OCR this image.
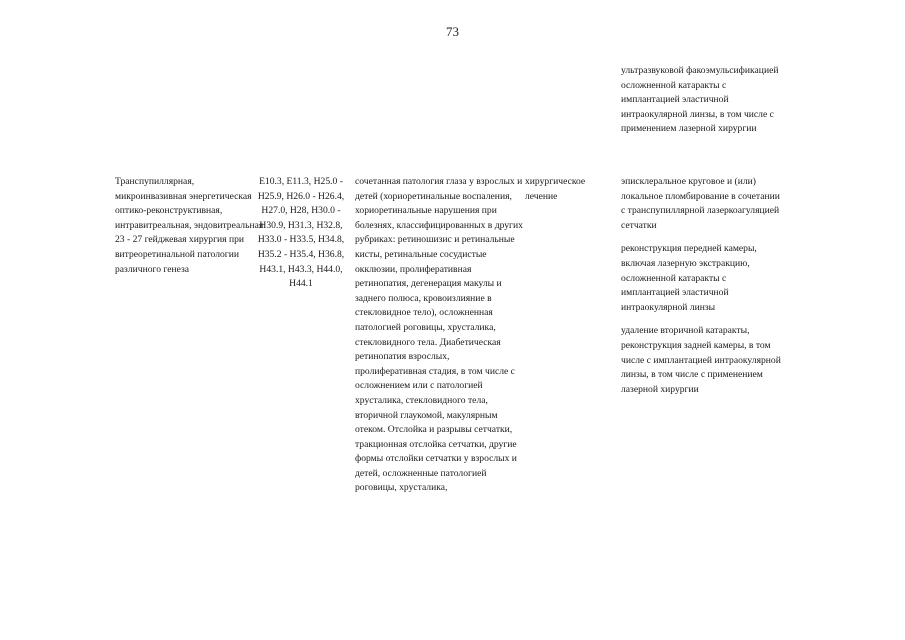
73

ультразвуковой факоэмульсификацией осложненной катаракты с имплантацией эластичной интраокулярной линзы, в том числе с применением лазерной хирургии

Транспупиллярная, микроинвазивная энергетическая оптико-реконструктивная, интравитреальная, эндовитреальная 23 - 27 гейджевая хирургия при витреоретинальной патологии различного генеза

E10.3, E11.3, H25.0 - H25.9, H26.0 - H26.4, H27.0, H28, H30.0 - H30.9, H31.3, H32.8, H33.0 - H33.5, H34.8, H35.2 - H35.4, H36.8, H43.1, H43.3, H44.0, H44.1

сочетанная патология глаза у взрослых и детей (хориоретинальные воспаления, хориоретинальные нарушения при болезнях, классифицированных в других рубриках: ретиношизис и ретинальные кисты, ретинальные сосудистые окклюзии, пролиферативная ретинопатия, дегенерация макулы и заднего полюса, кровоизлияние в стекловидное тело), осложненная патологией роговицы, хрусталика, стекловидного тела. Диабетическая ретинопатия взрослых, пролиферативная стадия, в том числе с осложнением или с патологией хрусталика, стекловидного тела, вторичной глаукомой, макулярным отеком. Отслойка и разрывы сетчатки, тракционная отслойка сетчатки, другие формы отслойки сетчатки у взрослых и детей, осложненные патологией роговицы, хрусталика,

хирургическое лечение

эписклеральное круговое и (или) локальное пломбирование в сочетании с транспупиллярной лазеркоагуляцией сетчатки

реконструкция передней камеры, включая лазерную экстракцию, осложненной катаракты с имплантацией эластичной интраокулярной линзы

удаление вторичной катаракты, реконструкция задней камеры, в том числе с имплантацией интраокулярной линзы, в том числе с применением лазерной хирургии
